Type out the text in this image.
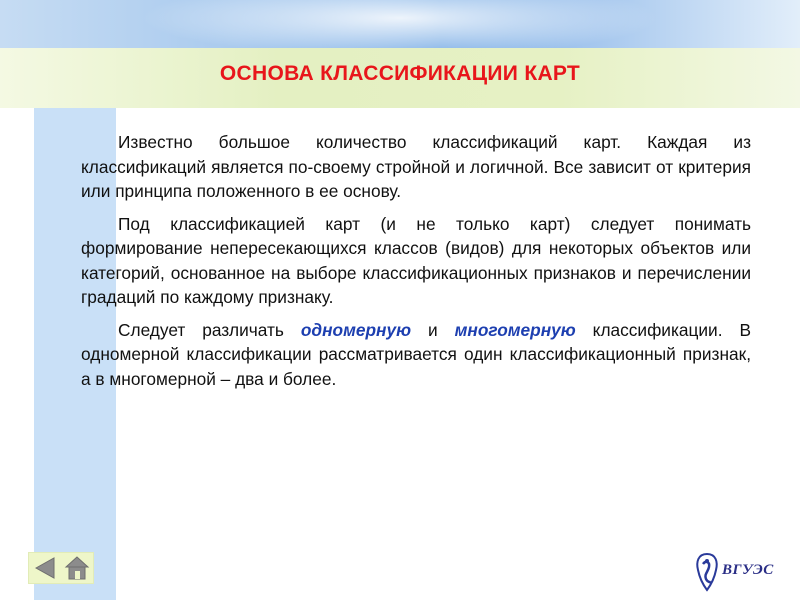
ОСНОВА КЛАССИФИКАЦИИ КАРТ

Известно большое количество классификаций карт. Каждая из классификаций является по-своему стройной и логичной. Все зависит от критерия или принципа положенного в ее основу.

Под классификацией карт (и не только карт) следует понимать формирование непересекающихся классов (видов) для некоторых объектов или категорий, основанное на выборе классификационных признаков и перечислении градаций по каждому признаку.

Следует различать одномерную и многомерную классификации. В одномерной классификации рассматривается один классификационный признак, а в многомерной – два и более.

ВГУЭС
